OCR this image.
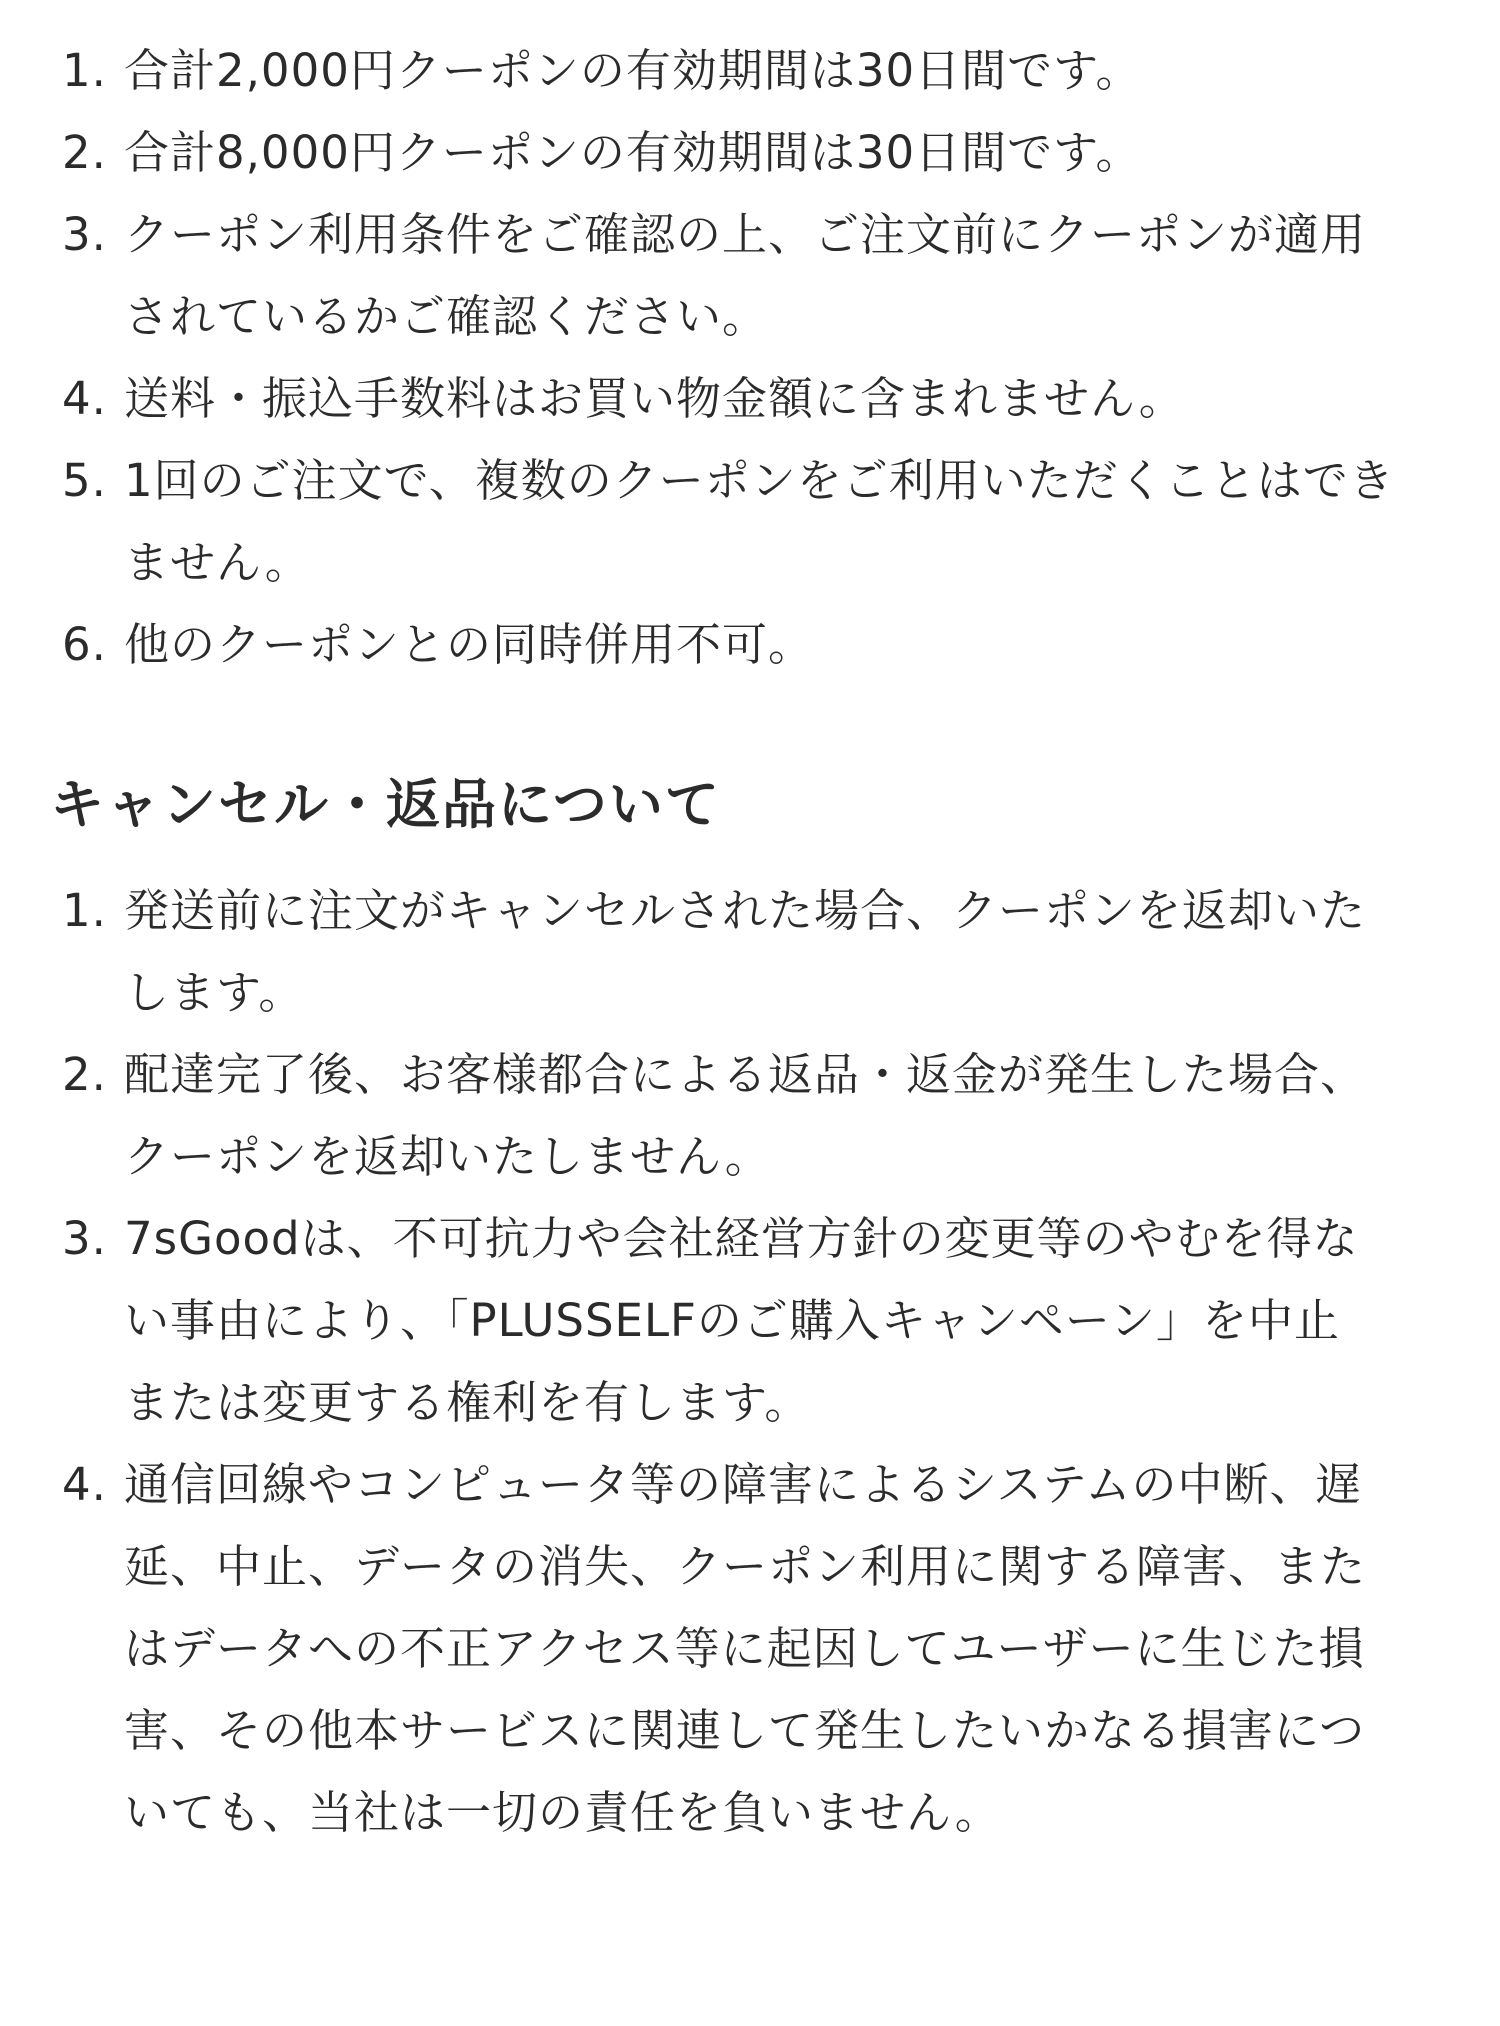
1. 合計2,000円クーポンの有効期間は30日間です。
2. 合計8,000円クーポンの有効期間は30日間です。
3. クーポン利用条件をご確認の上、ご注文前にクーポンが適用
されているかご確認ください。
4. 送料・振込手数料はお買い物金額に含まれません。
5. 1回のご注文で、複数のクーポンをご利用いただくことはでき
ません。
6. 他のクーポンとの同時併用不可。
キャンセル・返品について
1. 発送前に注文がキャンセルされた場合、クーポンを返却いた
します。
2. 配達完了後、お客様都合による返品・返金が発生した場合、
クーポンを返却いたしません。
3. 7sGoodは、不可抗力や会社経営方針の変更等のやむを得な
い事由により、「PLUSSELFのご購入キャンペーン」を中止
または変更する権利を有します。
4. 通信回線やコンピュータ等の障害によるシステムの中断、遅
延、中止、データの消失、クーポン利用に関する障害、また
はデータへの不正アクセス等に起因してユーザーに生じた損
害、その他本サービスに関連して発生したいかなる損害につ
いても、当社は一切の責任を負いません。
